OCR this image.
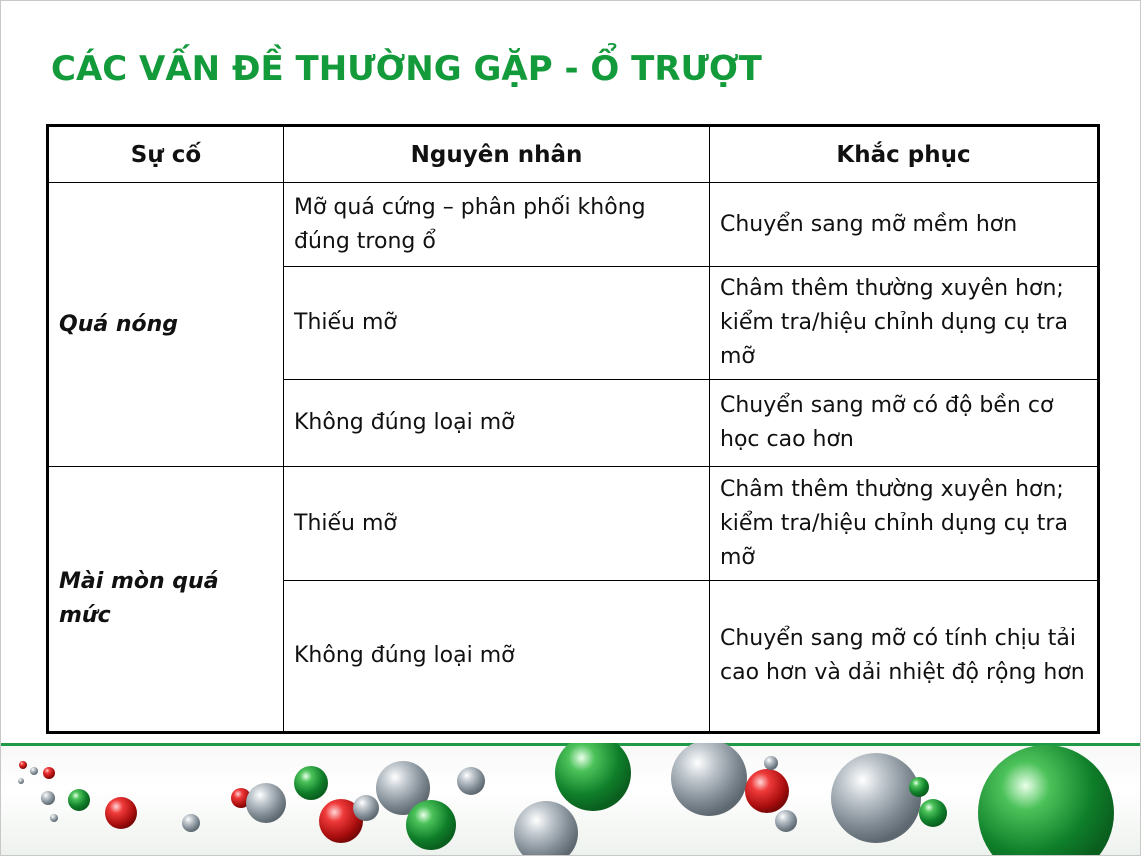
CÁC VẤN ĐỀ THƯỜNG GẶP - Ổ TRƯỢT
Sự cố	Nguyên nhân	Khắc phục
Quá nóng	Mỡ quá cứng – phân phối không đúng trong ổ	Chuyển sang mỡ mềm hơn
	Thiếu mỡ	Châm thêm thường xuyên hơn; kiểm tra/hiệu chỉnh dụng cụ tra mỡ
	Không đúng loại mỡ	Chuyển sang mỡ có độ bền cơ học cao hơn
Mài mòn quá mức	Thiếu mỡ	Châm thêm thường xuyên hơn; kiểm tra/hiệu chỉnh dụng cụ tra mỡ
	Không đúng loại mỡ	Chuyển sang mỡ có tính chịu tải cao hơn và dải nhiệt độ rộng hơn
